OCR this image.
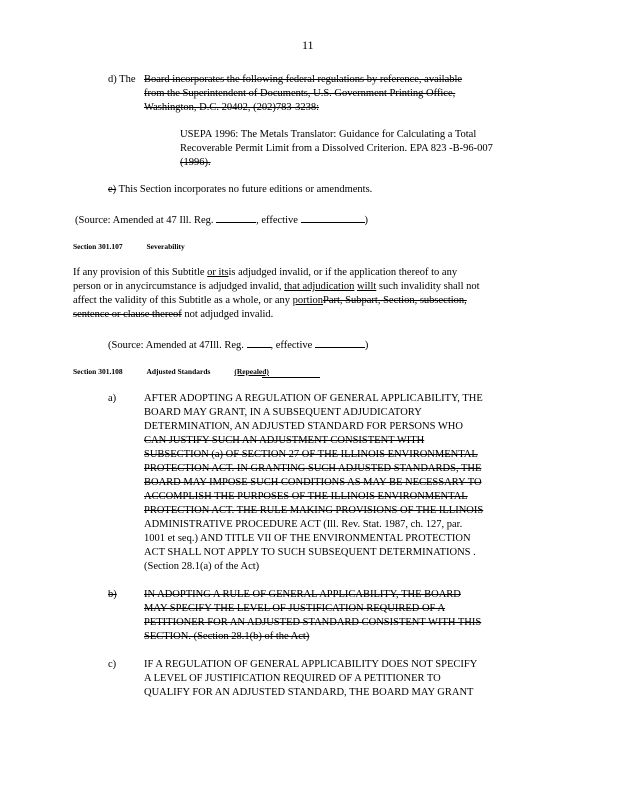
11
d) The Board incorporates the following federal regulations by reference, available
from the Superintendent of Documents, U.S. Government Printing Office,
Washington, D.C. 20402, (202)783-3238:
USEPA 1996: The Metals Translator: Guidance for Calculating a Total
Recoverable Permit Limit from a Dissolved Criterion. EPA 823 -B-96-007
(1996).
e) This Section incorporates no future editions or amendments.
(Source: Amended at 47 Ill. Reg.	, effective	)
Section 301.107	Severability
If any provision of this Subtitle or itsis adjudged invalid, or if the application thereof to any
person or in anycircumstance is adjudged invalid, that adjudication willt such invalidity shall not
affect the validity of this Subtitle as a whole, or any portionPart, Subpart, Section, subsection,
sentence or clause thereof not adjudged invalid.
(Source: Amended at 47Ill. Reg.	, effective	)
Section 301.108	Adjusted Standards	(Repealed)
a)	AFTER ADOPTING A REGULATION OF GENERAL APPLICABILITY, THE
BOARD MAY GRANT, IN A SUBSEQUENT ADJUDICATORY
DETERMINATION, AN ADJUSTED STANDARD FOR PERSONS WHO
CAN JUSTIFY SUCH AN ADJUSTMENT CONSISTENT WITH
SUBSECTION (a) OF SECTION 27 OF THE ILLINOIS ENVIRONMENTAL
PROTECTION ACT. IN GRANTING SUCH ADJUSTED STANDARDS, THE
BOARD MAY IMPOSE SUCH CONDITIONS AS MAY BE NECESSARY TO
ACCOMPLISH THE PURPOSES OF THE ILLINOIS ENVIRONMENTAL
PROTECTION ACT. THE RULE MAKING PROVISIONS OF THE ILLINOIS
ADMINISTRATIVE PROCEDURE ACT (Ill. Rev. Stat. 1987, ch. 127, par.
1001 et seq.) AND TITLE VII OF THE ENVIRONMENTAL PROTECTION
ACT SHALL NOT APPLY TO SUCH SUBSEQUENT DETERMINATIONS .
(Section 28.1(a) of the Act)
b)	IN ADOPTING A RULE OF GENERAL APPLICABILITY, THE BOARD
MAY SPECIFY THE LEVEL OF JUSTIFICATION REQUIRED OF A
PETITIONER FOR AN ADJUSTED STANDARD CONSISTENT WITH THIS
SECTION. (Section 28.1(b) of the Act)
c)	IF A REGULATION OF GENERAL APPLICABILITY DOES NOT SPECIFY
A LEVEL OF JUSTIFICATION REQUIRED OF A PETITIONER TO
QUALIFY FOR AN ADJUSTED STANDARD, THE BOARD MAY GRANT
